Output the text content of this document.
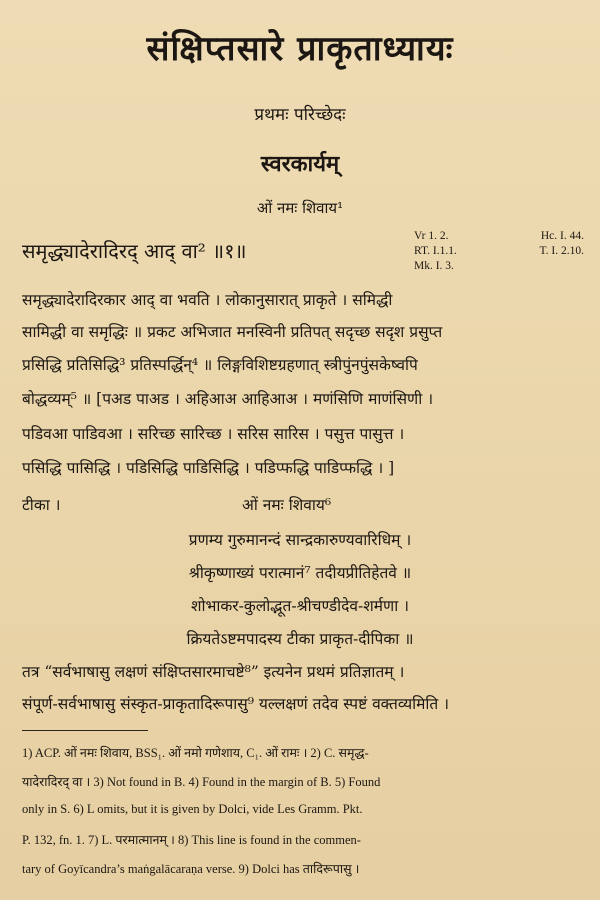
संक्षिप्तसारे प्राकृताध्यायः
प्रथमः परिच्छेदः
स्वरकार्यम्
ओं नमः शिवाय¹
समृद्ध्यादेरादिरद् आद् वा² ॥१॥
Vr 1. 2.	Hc. I. 44.
RT. I.1.1.	T. I. 2.10.
Mk. I. 3.
समृद्ध्यादेरादिरकार आद् वा भवति । लोकानुसारात् प्राकृते । समिद्धी
सामिद्धी वा समृद्धिः ॥ प्रकट अभिजात मनस्विनी प्रतिपत् सदृच्छ सदृश प्रसुप्त
प्रसिद्धि प्रतिसिद्धि³ प्रतिस्पर्द्धिन्⁴ ॥ लिङ्गविशिष्टग्रहणात् स्त्रीपुंनपुंसकेष्वपि
बोद्धव्यम्⁵ ॥ [पअड पाअड । अहिआअ आहिआअ । मणंसिणि माणंसिणी ।
पडिवआ पाडिवआ । सरिच्छ सारिच्छ । सरिस सारिस । पसुत्त पासुत्त ।
पसिद्धि पासिद्धि । पडिसिद्धि पाडिसिद्धि । पडिप्फद्धि पाडिप्फद्धि । ]
टीका ।	ओं नमः शिवाय⁶
प्रणम्य गुरुमानन्दं सान्द्रकारुण्यवारिधिम् ।
श्रीकृष्णाख्यं परात्मानं⁷ तदीयप्रीतिहेतवे ॥
शोभाकर-कुलोद्भूत-श्रीचण्डीदेव-शर्मणा ।
क्रियतेऽष्टमपादस्य टीका प्राकृत-दीपिका ॥
तत्र “सर्वभाषासु लक्षणं संक्षिप्तसारमाचष्टे⁸” इत्यनेन प्रथमं प्रतिज्ञातम् ।
संपूर्ण-सर्वभाषासु संस्कृत-प्राकृतादिरूपासु⁹ यल्लक्षणं तदेव स्पष्टं वक्तव्यमिति ।
1) ACP. ओं नमः शिवाय, BSS₁. ओं नमो गणेशाय, C₁. ओं रामः । 2) C. समृद्ध-
यादेरादिरद् वा । 3) Not found in B. 4) Found in the margin of B. 5) Found
only in S. 6) L omits, but it is given by Dolci, vide Les Gramm. Pkt.
P. 132, fn. 1. 7) L. परमात्मानम् । 8) This line is found in the commen-
tary of Goyīcandra’s maṅgalācaraṇa verse. 9) Dolci has तादिरूपासु ।
